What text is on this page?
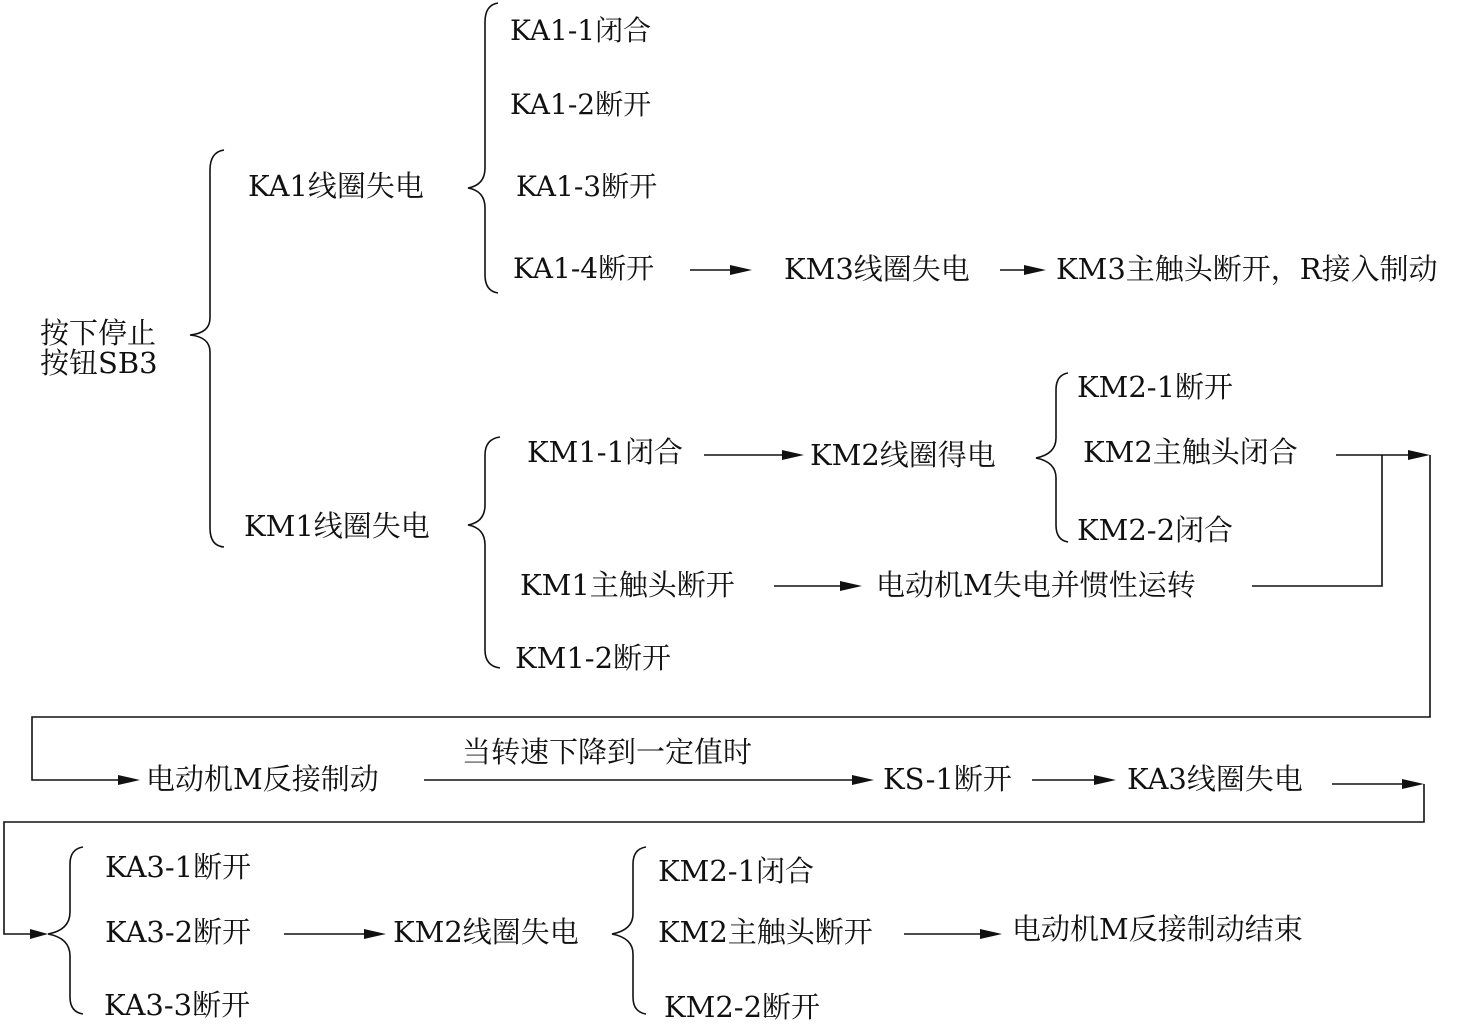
按下停止
按钮SB3
KA1线圈失电
KM1线圈失电
KA1-1闭合
KA1-2断开
KA1-3断开
KA1-4断开	KM3线圈失电	KM3主触头断开，R接入制动
KM1-1闭合	KM2线圈得电
KM2-1断开
KM2主触头闭合
KM2-2闭合
KM1主触头断开	电动机M失电并惯性运转
KM1-2断开
电动机M反接制动
当转速下降到一定值时
KS-1断开	KA3线圈失电
KA3-1断开
KA3-2断开
KA3-3断开
KM2线圈失电
KM2-1闭合
KM2主触头断开
KM2-2断开
电动机M反接制动结束
